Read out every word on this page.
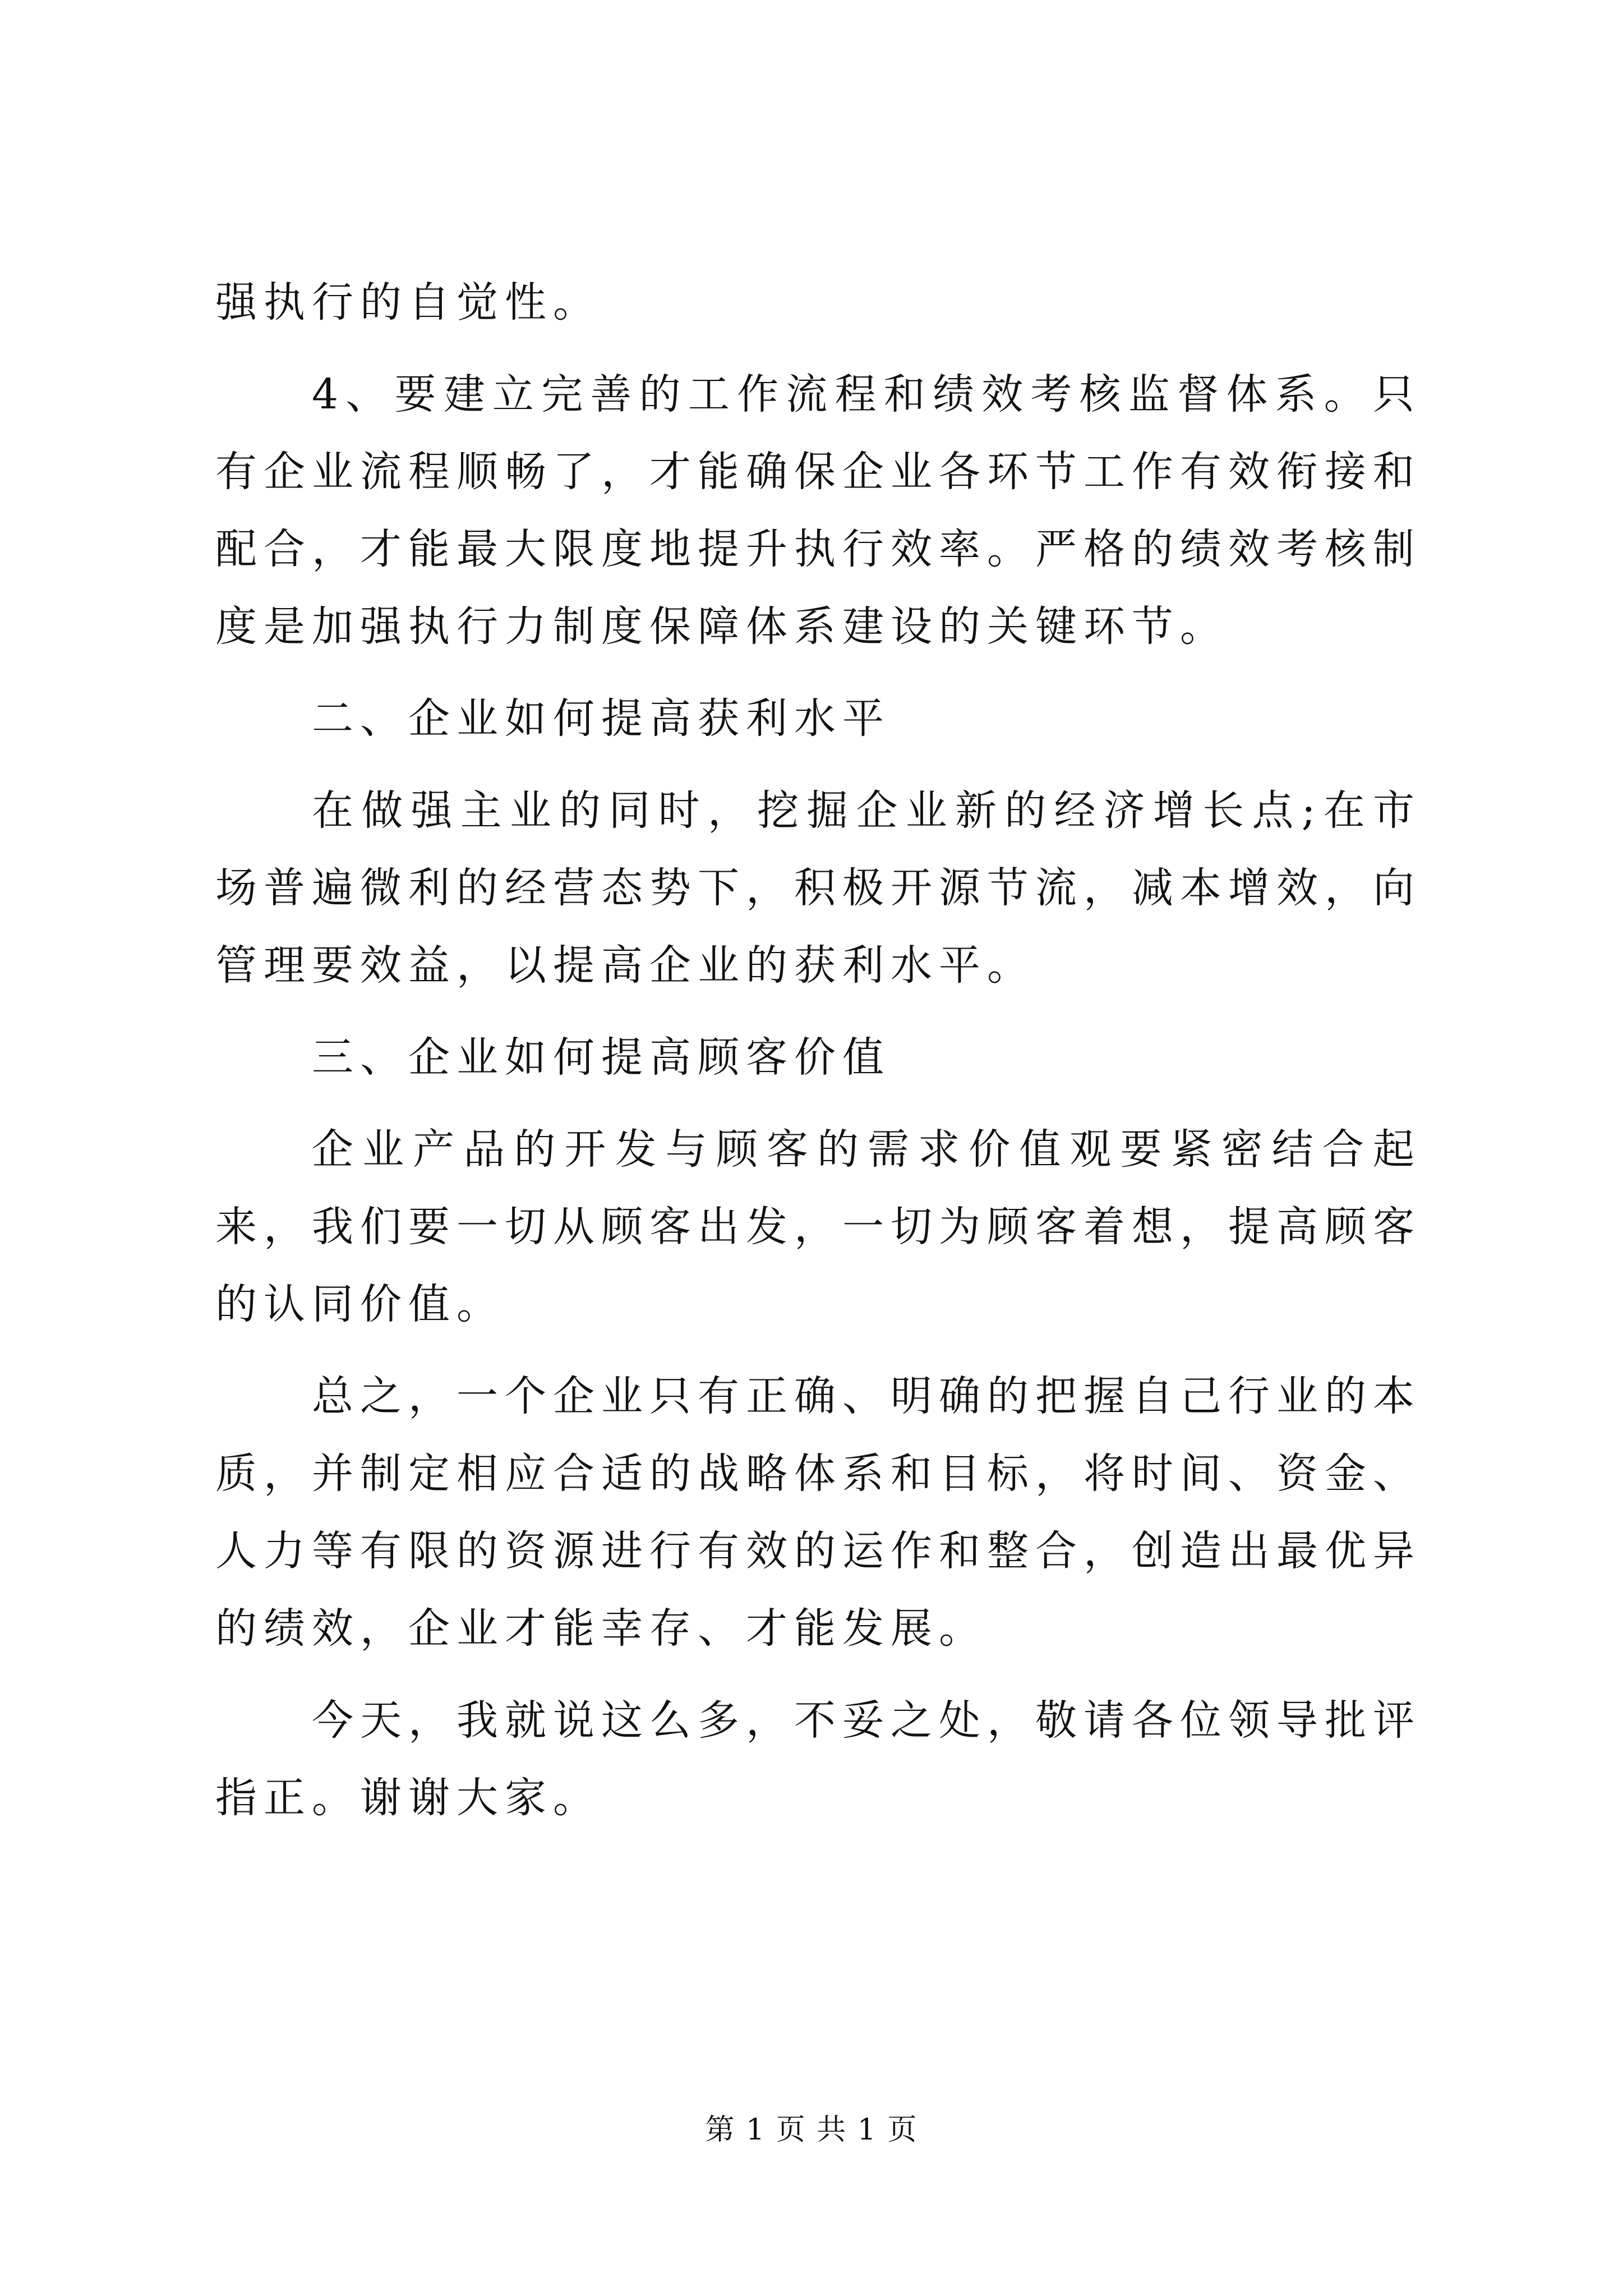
强执行的自觉性。

4、要建立完善的工作流程和绩效考核监督体系。只有企业流程顺畅了，才能确保企业各环节工作有效衔接和配合，才能最大限度地提升执行效率。严格的绩效考核制度是加强执行力制度保障体系建设的关键环节。

二、企业如何提高获利水平

在做强主业的同时，挖掘企业新的经济增长点;在市场普遍微利的经营态势下，积极开源节流，减本增效，向管理要效益，以提高企业的获利水平。

三、企业如何提高顾客价值

企业产品的开发与顾客的需求价值观要紧密结合起来，我们要一切从顾客出发，一切为顾客着想，提高顾客的认同价值。

总之，一个企业只有正确、明确的把握自己行业的本质，并制定相应合适的战略体系和目标，将时间、资金、人力等有限的资源进行有效的运作和整合，创造出最优异的绩效，企业才能幸存、才能发展。

今天，我就说这么多，不妥之处，敬请各位领导批评指正。谢谢大家。

第 1 页 共 1 页
